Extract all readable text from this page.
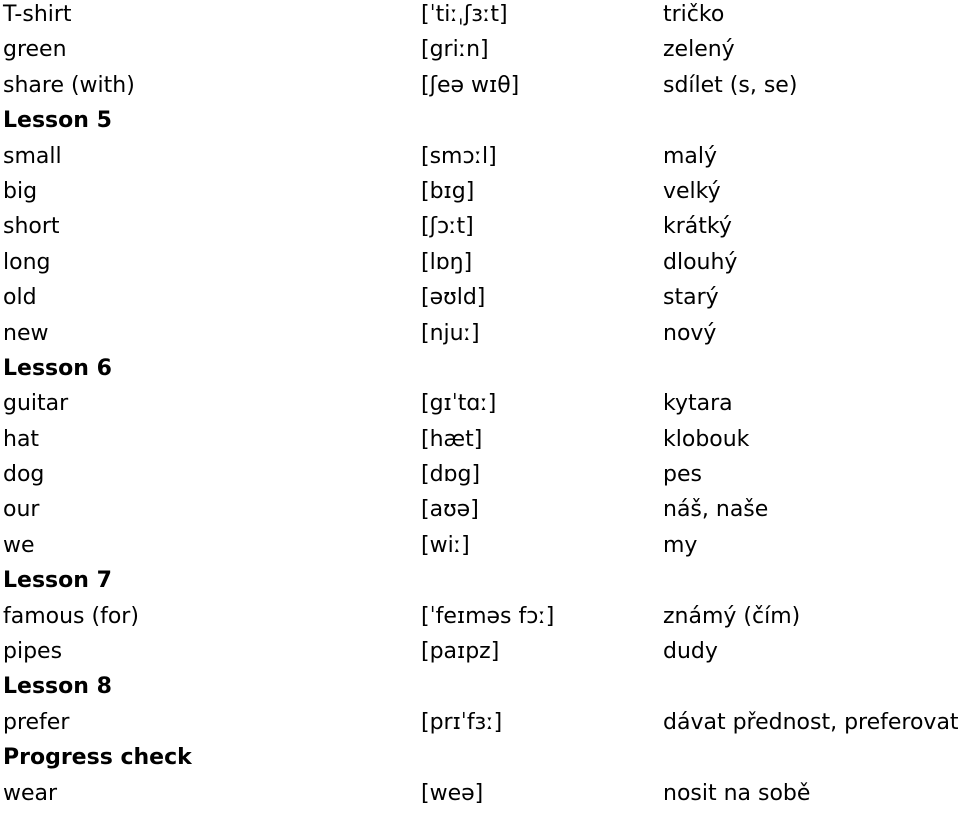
T-shirt	[ˈtiːˌʃɜːt]	tričko
green	[griːn]	zelený
share (with)	[ʃeə wɪθ]	sdílet (s, se)
Lesson 5
small	[smɔːl]	malý
big	[bɪg]	velký
short	[ʃɔːt]	krátký
long	[lɒŋ]	dlouhý
old	[əʊld]	starý
new	[njuː]	nový
Lesson 6
guitar	[gɪˈtɑː]	kytara
hat	[hæt]	klobouk
dog	[dɒg]	pes
our	[aʊə]	náš, naše
we	[wiː]	my
Lesson 7
famous (for)	[ˈfeɪməs fɔː]	známý (čím)
pipes	[paɪpz]	dudy
Lesson 8
prefer	[prɪˈfɜː]	dávat přednost, preferovat
Progress check
wear	[weə]	nosit na sobě
